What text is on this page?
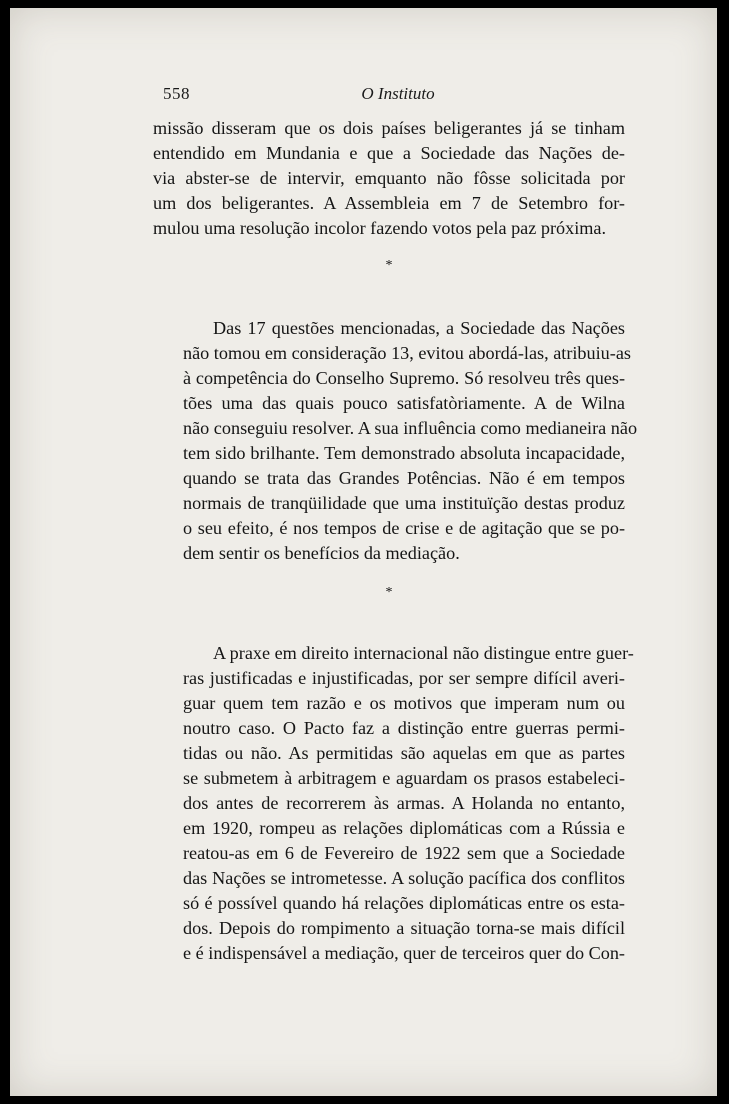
558	O Instituto

missão disseram que os dois países beligerantes já se tinham
entendido em Mundania e que a Sociedade das Nações de-
via abster-se de intervir, emquanto não fôsse solicitada por
um dos beligerantes. A Assembleia em 7 de Setembro for-
mulou uma resolução incolor fazendo votos pela paz próxima.

*

Das 17 questões mencionadas, a Sociedade das Nações
não tomou em consideração 13, evitou abordá-las, atribuiu-as
à competência do Conselho Supremo. Só resolveu três ques-
tões uma das quais pouco satisfatòriamente. A de Wilna
não conseguiu resolver. A sua influência como medianeira não
tem sido brilhante. Tem demonstrado absoluta incapacidade,
quando se trata das Grandes Potências. Não é em tempos
normais de tranqüilidade que uma instituïção destas produz
o seu efeito, é nos tempos de crise e de agitação que se po-
dem sentir os benefícios da mediação.

*

A praxe em direito internacional não distingue entre guer-
ras justificadas e injustificadas, por ser sempre difícil averi-
guar quem tem razão e os motivos que imperam num ou
noutro caso. O Pacto faz a distinção entre guerras permi-
tidas ou não. As permitidas são aquelas em que as partes
se submetem à arbitragem e aguardam os prasos estabeleci-
dos antes de recorrerem às armas. A Holanda no entanto,
em 1920, rompeu as relações diplomáticas com a Rússia e
reatou-as em 6 de Fevereiro de 1922 sem que a Sociedade
das Nações se intrometesse. A solução pacífica dos conflitos
só é possível quando há relações diplomáticas entre os esta-
dos. Depois do rompimento a situação torna-se mais difícil
e é indispensável a mediação, quer de terceiros quer do Con-
